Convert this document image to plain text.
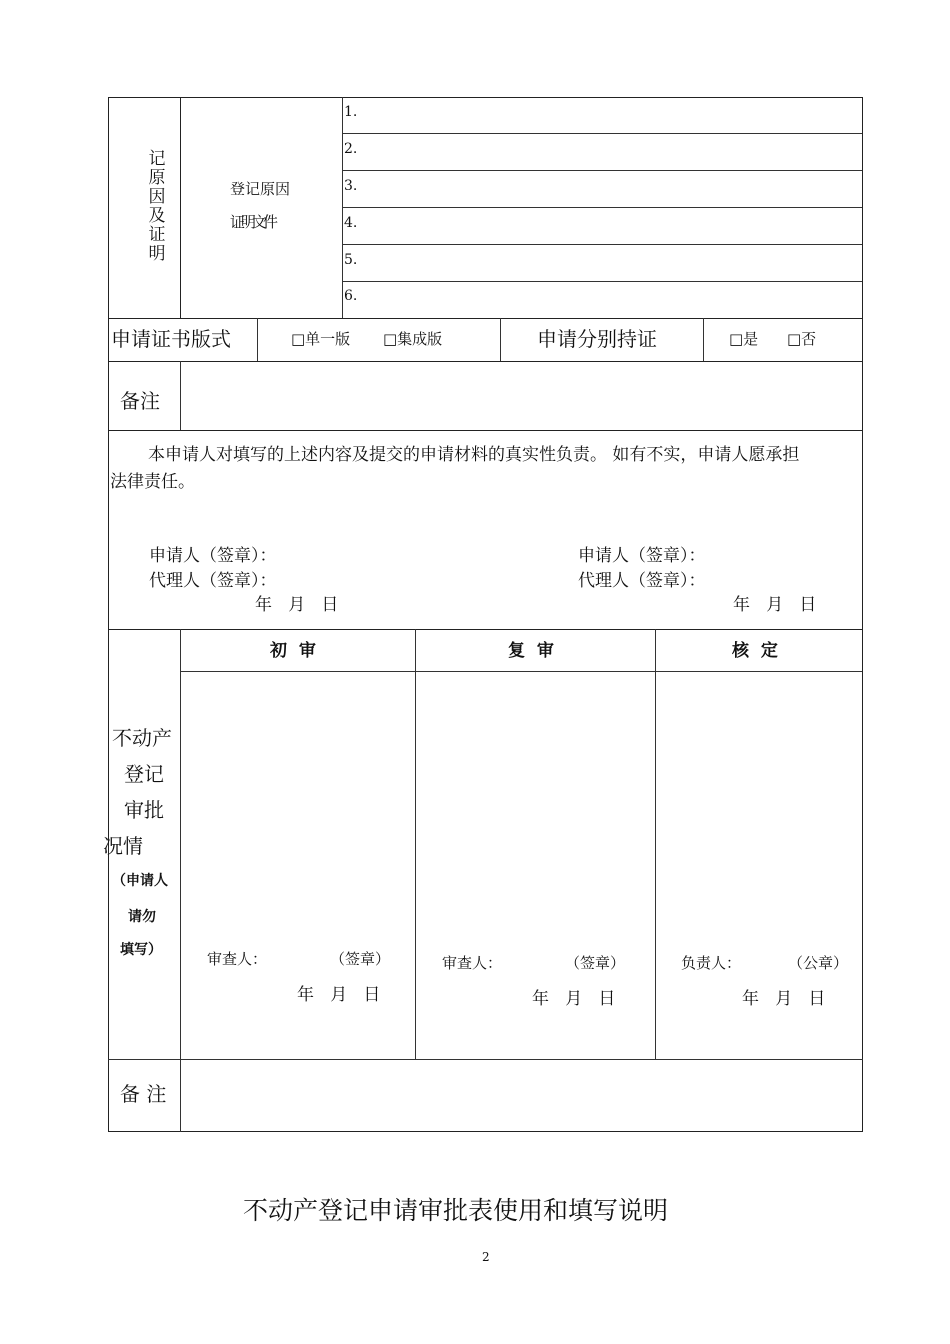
记原因及证明
登记原因
证明文件
1.
2.
3.
4.
5.
6.
申请证书版式	□单一版 □集成版	申请分别持证	□是 □否
备注
本申请人对填写的上述内容及提交的申请材料的真实性负责。 如有不实，申请人愿承担
法律责任。
申请人（签章）：
代理人（签章）：
年   月   日
申请人（签章）：
代理人（签章）：
年   月   日
不动产
登记
审批
况情
（申请人
请勿
填写）
初  审	复  审	核  定
审查人：	（签章）
年   月   日
审查人：	（签章）
年   月   日
负责人：	（公章）
年   月   日
备 注
不动产登记申请审批表使用和填写说明
2
